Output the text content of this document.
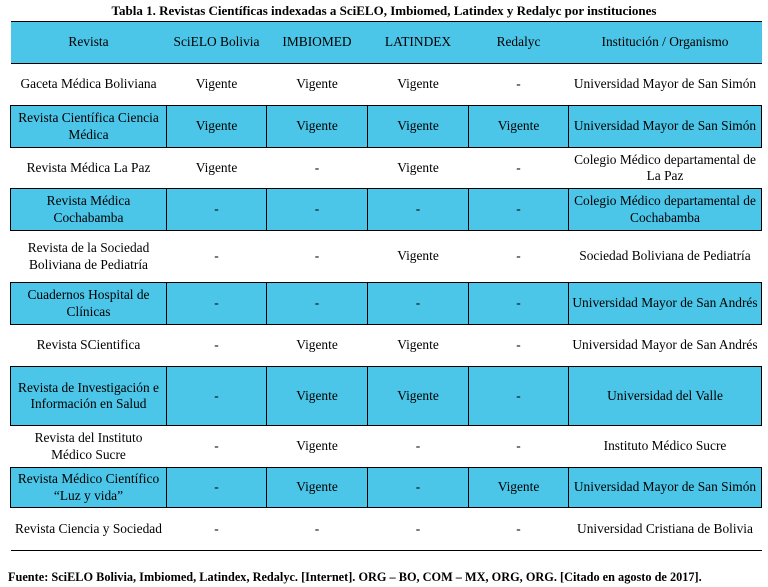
Tabla 1. Revistas Científicas indexadas a SciELO, Imbiomed, Latindex y Redalyc por instituciones
Revista	SciELO Bolivia	IMBIOMED	LATINDEX	Redalyc	Institución / Organismo
Gaceta Médica Boliviana	Vigente	Vigente	Vigente	-	Universidad Mayor de San Simón
Revista Científica Ciencia Médica	Vigente	Vigente	Vigente	Vigente	Universidad Mayor de San Simón
Revista Médica La Paz	Vigente	-	Vigente	-	Colegio Médico departamental de La Paz
Revista Médica Cochabamba	-	-	-	-	Colegio Médico departamental de Cochabamba
Revista de la Sociedad Boliviana de Pediatría	-	-	Vigente	-	Sociedad Boliviana de Pediatría
Cuadernos Hospital de Clínicas	-	-	-	-	Universidad Mayor de San Andrés
Revista SCientifica	-	Vigente	Vigente	-	Universidad Mayor de San Andrés
Revista de Investigación e Información en Salud	-	Vigente	Vigente	-	Universidad del Valle
Revista del Instituto Médico Sucre	-	Vigente	-	-	Instituto Médico Sucre
Revista Médico Científico “Luz y vida”	-	Vigente	-	Vigente	Universidad Mayor de San Simón
Revista Ciencia y Sociedad	-	-	-	-	Universidad Cristiana de Bolivia
Fuente: SciELO Bolivia, Imbiomed, Latindex, Redalyc. [Internet]. ORG – BO, COM – MX, ORG, ORG. [Citado en agosto de 2017].
